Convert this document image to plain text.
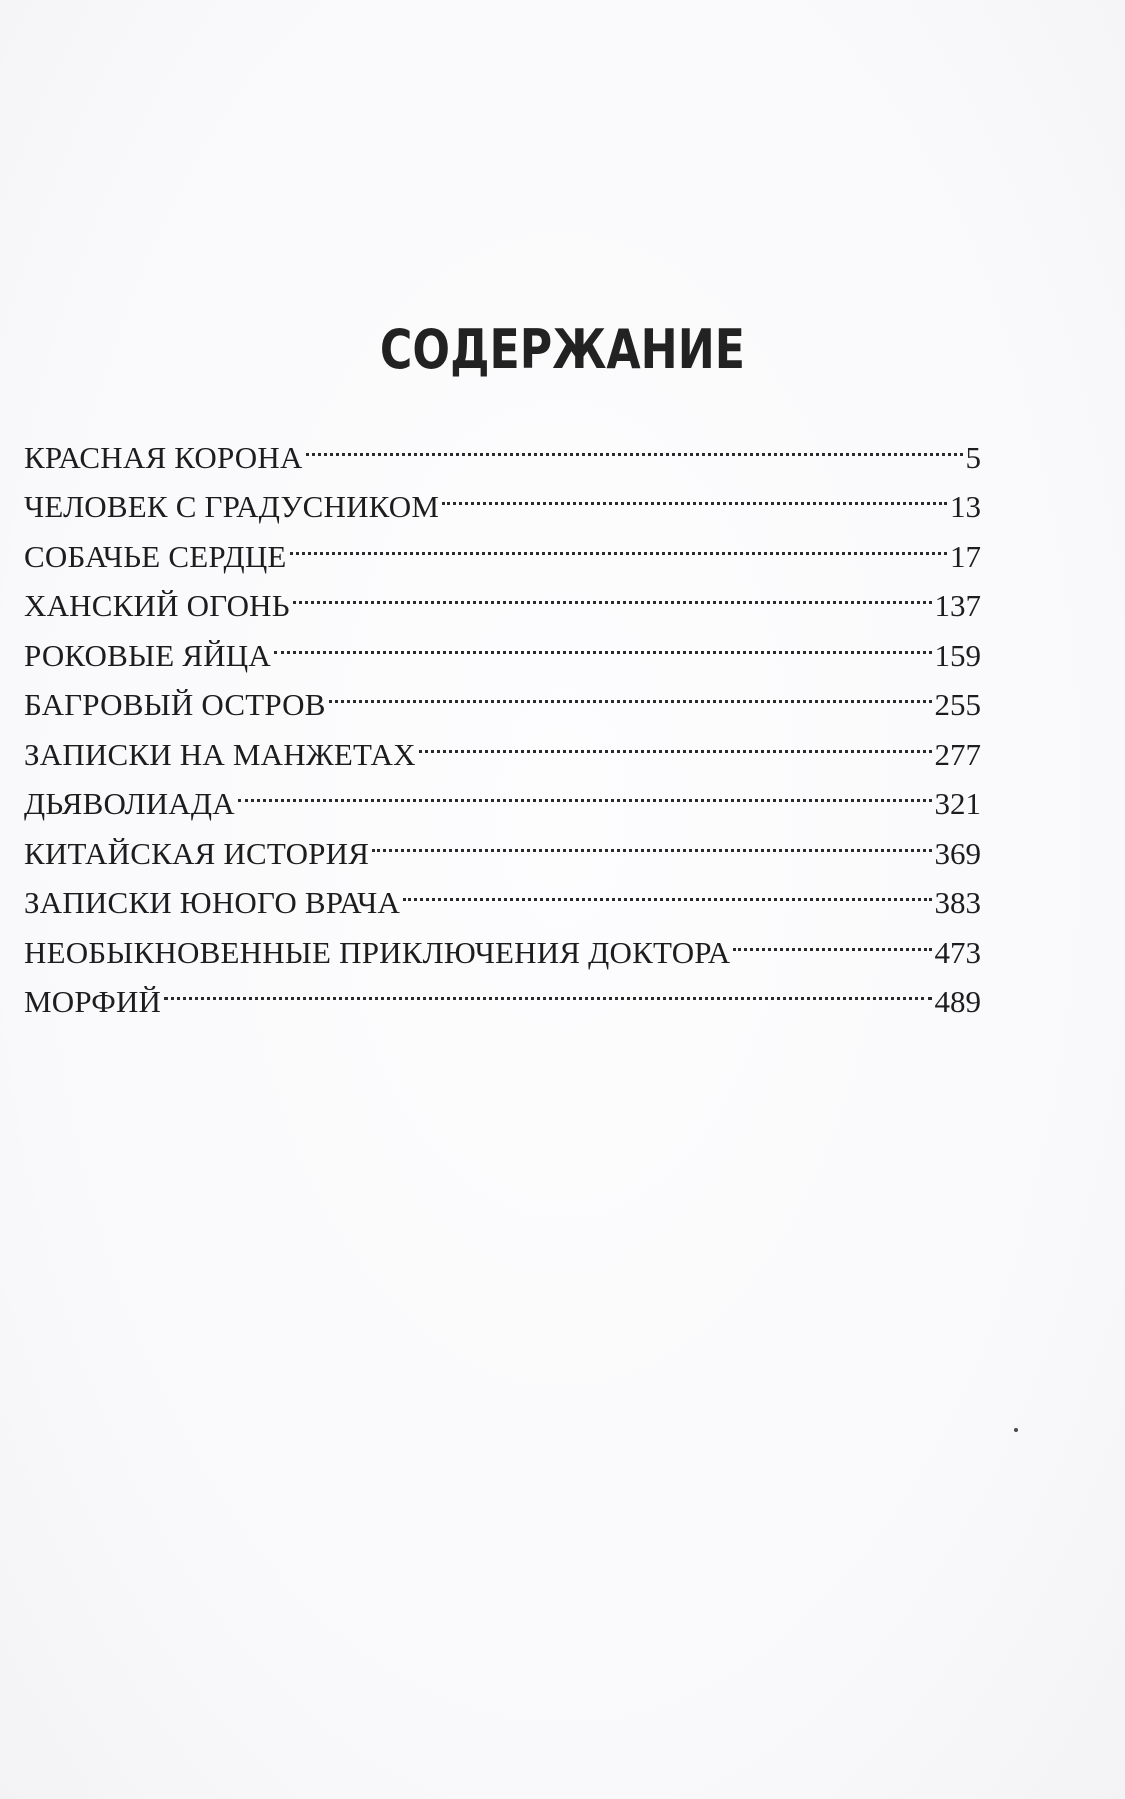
СОДЕРЖАНИЕ
КРАСНАЯ КОРОНА	5
ЧЕЛОВЕК С ГРАДУСНИКОМ	13
СОБАЧЬЕ СЕРДЦЕ	17
ХАНСКИЙ ОГОНЬ	137
РОКОВЫЕ ЯЙЦА	159
БАГРОВЫЙ ОСТРОВ	255
ЗАПИСКИ НА МАНЖЕТАХ	277
ДЬЯВОЛИАДА	321
КИТАЙСКАЯ ИСТОРИЯ	369
ЗАПИСКИ ЮНОГО ВРАЧА	383
НЕОБЫКНОВЕННЫЕ ПРИКЛЮЧЕНИЯ ДОКТОРА	473
МОРФИЙ	489
